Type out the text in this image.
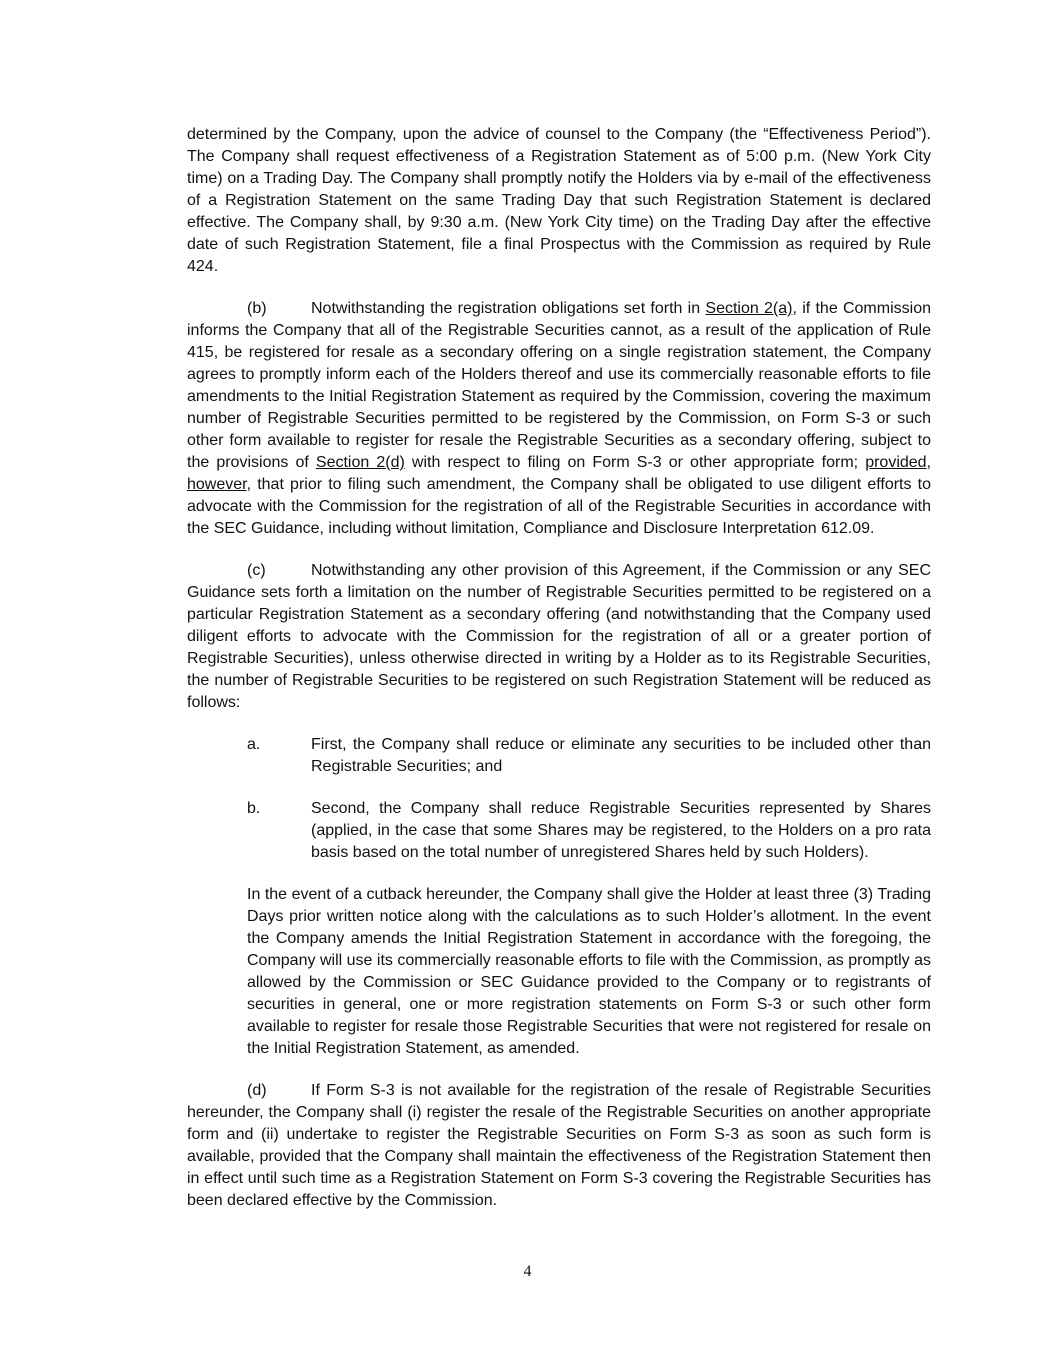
determined by the Company, upon the advice of counsel to the Company (the “Effectiveness Period”). The Company shall request effectiveness of a Registration Statement as of 5:00 p.m. (New York City time) on a Trading Day. The Company shall promptly notify the Holders via by e-mail of the effectiveness of a Registration Statement on the same Trading Day that such Registration Statement is declared effective. The Company shall, by 9:30 a.m. (New York City time) on the Trading Day after the effective date of such Registration Statement, file a final Prospectus with the Commission as required by Rule 424.

(b)	Notwithstanding the registration obligations set forth in Section 2(a), if the Commission informs the Company that all of the Registrable Securities cannot, as a result of the application of Rule 415, be registered for resale as a secondary offering on a single registration statement, the Company agrees to promptly inform each of the Holders thereof and use its commercially reasonable efforts to file amendments to the Initial Registration Statement as required by the Commission, covering the maximum number of Registrable Securities permitted to be registered by the Commission, on Form S-3 or such other form available to register for resale the Registrable Securities as a secondary offering, subject to the provisions of Section 2(d) with respect to filing on Form S-3 or other appropriate form; provided, however, that prior to filing such amendment, the Company shall be obligated to use diligent efforts to advocate with the Commission for the registration of all of the Registrable Securities in accordance with the SEC Guidance, including without limitation, Compliance and Disclosure Interpretation 612.09.

(c)	Notwithstanding any other provision of this Agreement, if the Commission or any SEC Guidance sets forth a limitation on the number of Registrable Securities permitted to be registered on a particular Registration Statement as a secondary offering (and notwithstanding that the Company used diligent efforts to advocate with the Commission for the registration of all or a greater portion of Registrable Securities), unless otherwise directed in writing by a Holder as to its Registrable Securities, the number of Registrable Securities to be registered on such Registration Statement will be reduced as follows:

a.	First, the Company shall reduce or eliminate any securities to be included other than Registrable Securities; and
b.	Second, the Company shall reduce Registrable Securities represented by Shares (applied, in the case that some Shares may be registered, to the Holders on a pro rata basis based on the total number of unregistered Shares held by such Holders).

In the event of a cutback hereunder, the Company shall give the Holder at least three (3) Trading Days prior written notice along with the calculations as to such Holder’s allotment. In the event the Company amends the Initial Registration Statement in accordance with the foregoing, the Company will use its commercially reasonable efforts to file with the Commission, as promptly as allowed by the Commission or SEC Guidance provided to the Company or to registrants of securities in general, one or more registration statements on Form S-3 or such other form available to register for resale those Registrable Securities that were not registered for resale on the Initial Registration Statement, as amended.

(d)	If Form S-3 is not available for the registration of the resale of Registrable Securities hereunder, the Company shall (i) register the resale of the Registrable Securities on another appropriate form and (ii) undertake to register the Registrable Securities on Form S-3 as soon as such form is available, provided that the Company shall maintain the effectiveness of the Registration Statement then in effect until such time as a Registration Statement on Form S-3 covering the Registrable Securities has been declared effective by the Commission.

4
